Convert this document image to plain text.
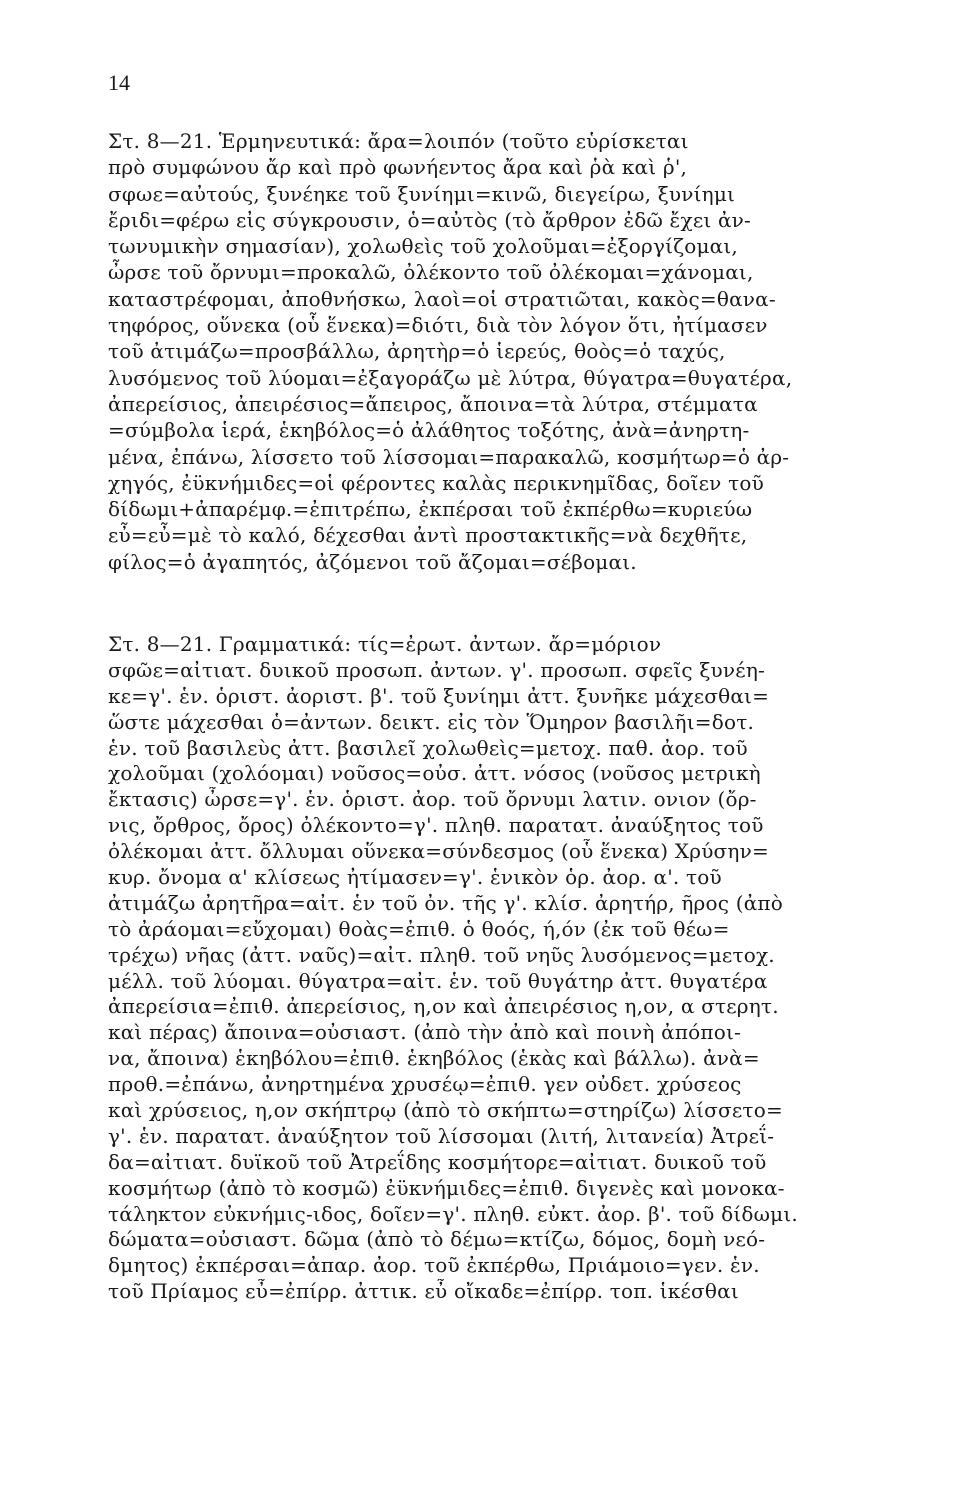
14
Στ. 8—21. Ἑρμηνευτικά: ἄρα=λοιπόν (τοῦτο εὑρίσκεται
πρὸ συμφώνου ἄρ καὶ πρὸ φωνήεντος ἄρα καὶ ῥὰ καὶ ῥ',
σφωε=αὐτούς, ξυνέηκε τοῦ ξυνίημι=κινῶ, διεγείρω, ξυνίημι
ἔριδι=φέρω εἰς σύγκρουσιν, ὁ=αὐτὸς (τὸ ἄρθρον ἐδῶ ἔχει ἀν-
τωνυμικὴν σημασίαν), χολωθεὶς τοῦ χολοῦμαι=ἐξοργίζομαι,
ὦρσε τοῦ ὄρνυμι=προκαλῶ, ὀλέκοντο τοῦ ὀλέκομαι=χάνομαι,
καταστρέφομαι, ἀποθνήσκω, λαοὶ=οἱ στρατιῶται, κακὸς=θανα-
τηφόρος, οὕνεκα (οὗ ἕνεκα)=διότι, διὰ τὸν λόγον ὅτι, ἠτίμασεν
τοῦ ἀτιμάζω=προσβάλλω, ἀρητὴρ=ὁ ἱερεύς, θοὸς=ὁ ταχύς,
λυσόμενος τοῦ λύομαι=ἐξαγοράζω μὲ λύτρα, θύγατρα=θυγατέρα,
ἀπερείσιος, ἀπειρέσιος=ἄπειρος, ἄποινα=τὰ λύτρα, στέμματα
=σύμβολα ἱερά, ἑκηβόλος=ὁ ἀλάθητος τοξότης, ἀνὰ=ἀνηρτη-
μένα, ἐπάνω, λίσσετο τοῦ λίσσομαι=παρακαλῶ, κοσμήτωρ=ὁ ἀρ-
χηγός, ἐϋκνήμιδες=οἱ φέροντες καλὰς περικνημῖδας, δοῖεν τοῦ
δίδωμι+ἀπαρέμφ.=ἐπιτρέπω, ἐκπέρσαι τοῦ ἐκπέρθω=κυριεύω
εὖ=εὖ=μὲ τὸ καλό, δέχεσθαι ἀντὶ προστακτικῆς=νὰ δεχθῆτε,
φίλος=ὁ ἀγαπητός, ἀζόμενοι τοῦ ἄζομαι=σέβομαι.
Στ. 8—21. Γραμματικά: τίς=ἐρωτ. ἀντων. ἄρ=μόριον
σφῶε=αἰτιατ. δυικοῦ προσωπ. ἀντων. γ'. προσωπ. σφεῖς ξυνέη-
κε=γ'. ἑν. ὁριστ. ἀοριστ. β'. τοῦ ξυνίημι ἀττ. ξυνῆκε μάχεσθαι=
ὥστε μάχεσθαι ὁ=ἀντων. δεικτ. εἰς τὸν Ὅμηρον βασιλῆι=δοτ.
ἑν. τοῦ βασιλεὺς ἀττ. βασιλεῖ χολωθεὶς=μετοχ. παθ. ἀορ. τοῦ
χολοῦμαι (χολόομαι) νοῦσος=οὐσ. ἀττ. νόσος (νοῦσος μετρικὴ
ἔκτασις) ὦρσε=γ'. ἑν. ὁριστ. ἀορ. τοῦ ὄρνυμι λατιν. ονιον (ὄρ-
νις, ὄρθρος, ὄρος) ὀλέκοντο=γ'. πληθ. παρατατ. ἀναύξητος τοῦ
ὀλέκομαι ἀττ. ὄλλυμαι οὕνεκα=σύνδεσμος (οὗ ἕνεκα) Χρύσην=
κυρ. ὄνομα α' κλίσεως ἠτίμασεν=γ'. ἑνικὸν ὁρ. ἀορ. α'. τοῦ
ἀτιμάζω ἀρητῆρα=αἰτ. ἑν τοῦ ὀν. τῆς γ'. κλίσ. ἀρητήρ, ῆρος (ἀπὸ
τὸ ἀράομαι=εὔχομαι) θοὰς=ἐπιθ. ὁ θοός, ή,όν (ἐκ τοῦ θέω=
τρέχω) νῆας (ἀττ. ναῦς)=αἰτ. πληθ. τοῦ νηῦς λυσόμενος=μετοχ.
μέλλ. τοῦ λύομαι. θύγατρα=αἰτ. ἑν. τοῦ θυγάτηρ ἀττ. θυγατέρα
ἀπερείσια=ἐπιθ. ἀπερείσιος, η,ον καὶ ἀπειρέσιος η,ον, α στερητ.
καὶ πέρας) ἄποινα=οὐσιαστ. (ἀπὸ τὴν ἀπὸ καὶ ποινὴ ἀπόποι-
να, ἄποινα) ἑκηβόλου=ἐπιθ. ἑκηβόλος (ἑκὰς καὶ βάλλω). ἀνὰ=
προθ.=ἐπάνω, ἀνηρτημένα χρυσέῳ=ἐπιθ. γεν οὐδετ. χρύσεος
καὶ χρύσειος, η,ον σκήπτρῳ (ἀπὸ τὸ σκήπτω=στηρίζω) λίσσετο=
γ'. ἑν. παρατατ. ἀναύξητον τοῦ λίσσομαι (λιτή, λιτανεία) Ἀτρεΐ-
δα=αἰτιατ. δυϊκοῦ τοῦ Ἀτρεΐδης κοσμήτορε=αἰτιατ. δυικοῦ τοῦ
κοσμήτωρ (ἀπὸ τὸ κοσμῶ) ἐϋκνήμιδες=ἐπιθ. διγενὲς καὶ μονοκα-
τάληκτον εὐκνήμις-ιδος, δοῖεν=γ'. πληθ. εὐκτ. ἀορ. β'. τοῦ δίδωμι.
δώματα=οὐσιαστ. δῶμα (ἀπὸ τὸ δέμω=κτίζω, δόμος, δομὴ νεό-
δμητος) ἐκπέρσαι=ἀπαρ. ἀορ. τοῦ ἐκπέρθω, Πριάμοιο=γεν. ἑν.
τοῦ Πρίαμος εὖ=ἐπίρρ. ἀττικ. εὖ οἴκαδε=ἐπίρρ. τοπ. ἱκέσθαι
